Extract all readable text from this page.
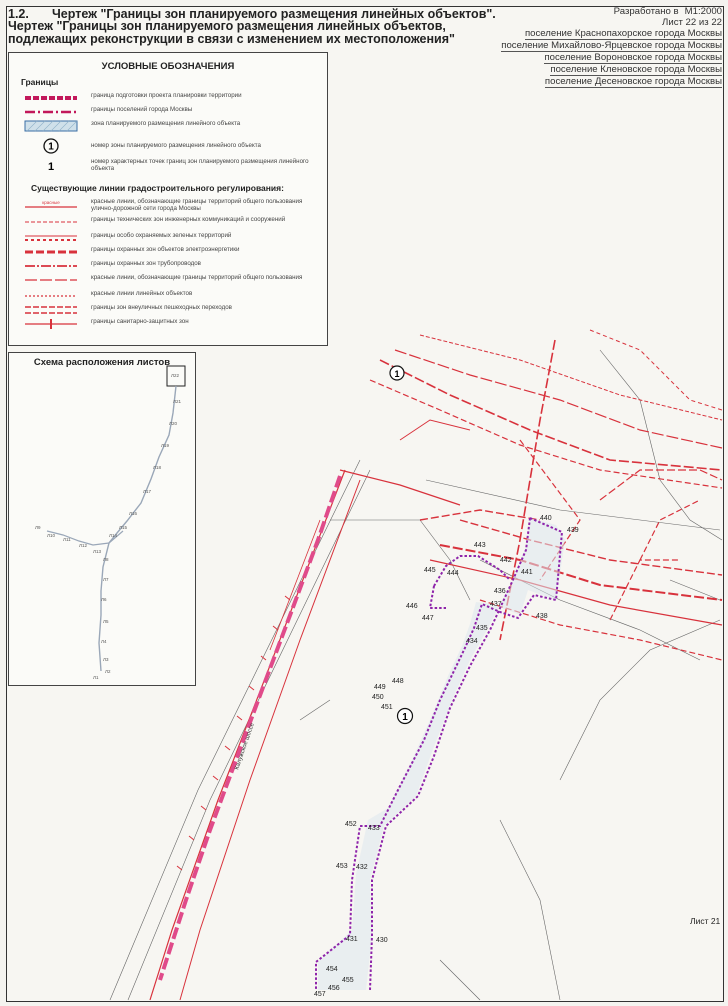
1.2. Чертеж "Границы зон планируемого размещения линейных объектов".
Чертеж "Границы зон планируемого размещения линейных объектов, подлежащих реконструкции в связи с изменением их местоположения"
Разработано в М1:2000
Лист 22 из 22
поселение Краснопахорское города Москвы
поселение Михайлово-Ярцевское города Москвы
поселение Вороновское города Москвы
поселение Кленовское города Москвы
поселение Десеновское города Москвы
УСЛОВНЫЕ ОБОЗНАЧЕНИЯ
Границы
граница подготовки проекта планировки территории
границы поселений города Москвы
зона планируемого размещения линейного объекта
1	номер зоны планируемого размещения линейного объекта
1	номер характерных точек границ зон планируемого размещения линейного объекта
Существующие линии градостроительного регулирования:
красные	красные линии, обозначающие границы территорий общего пользования улично-дорожной сети города Москвы
границы технических зон инженерных коммуникаций и сооружений
границы особо охраняемых зеленых территорий
границы охранных зон объектов электроэнергетики
границы охранных зон трубопроводов
красные линии, обозначающие границы территорий общего пользования
красные линии линейных объектов
границы зон внеуличных пешеходных переходов
границы санитарно-защитных зон
Схема расположения листов
Л22
Л21
Л20
Л19
Л18
Л17
Л16
Л15
Л14
Л13
Л12
Л11
Л10
Л9
Л8
Л7
Л6
Л5
Л4
Л3
Л2
Л1
Калужское шоссе
1
1
440
439
443
442
441
445 444
436
446	437
438
447
435
434
449
448
450
451
452
433
453 432
431	430
454
455
457
456
Лист 21
